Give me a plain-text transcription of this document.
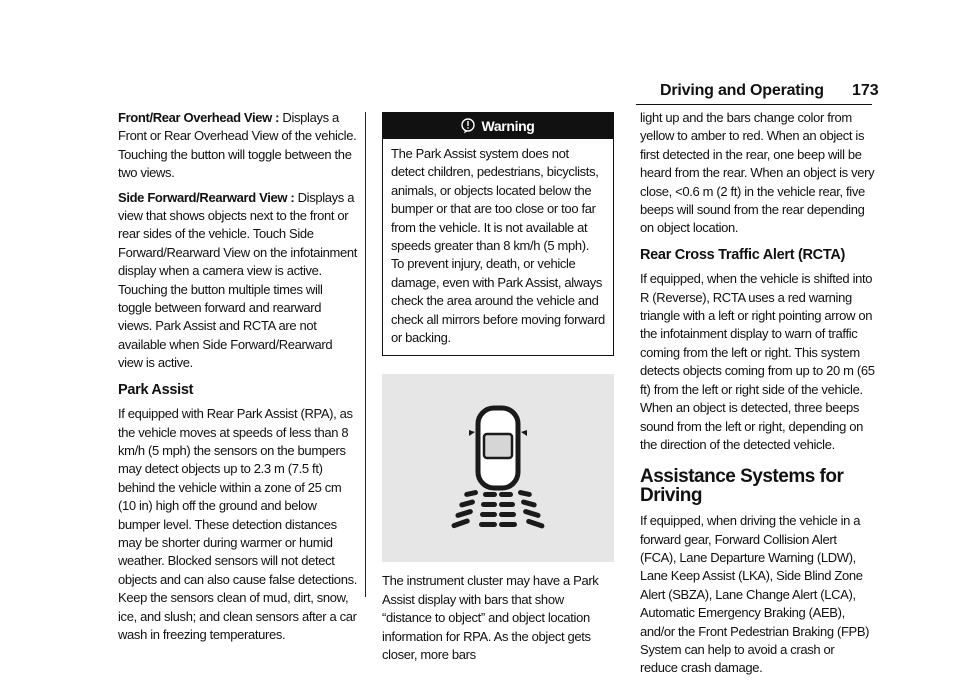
Driving and Operating 173

Front/Rear Overhead View : Displays a Front or Rear Overhead View of the vehicle. Touching the button will toggle between the two views.

Side Forward/Rearward View : Displays a view that shows objects next to the front or rear sides of the vehicle. Touch Side Forward/Rearward View on the infotainment display when a camera view is active. Touching the button multiple times will toggle between forward and rearward views. Park Assist and RCTA are not available when Side Forward/Rearward view is active.

Park Assist

If equipped with Rear Park Assist (RPA), as the vehicle moves at speeds of less than 8 km/h (5 mph) the sensors on the bumpers may detect objects up to 2.3 m (7.5 ft) behind the vehicle within a zone of 25 cm (10 in) high off the ground and below bumper level. These detection distances may be shorter during warmer or humid weather. Blocked sensors will not detect objects and can also cause false detections. Keep the sensors clean of mud, dirt, snow, ice, and slush; and clean sensors after a car wash in freezing temperatures.

Warning
The Park Assist system does not detect children, pedestrians, bicyclists, animals, or objects located below the bumper or that are too close or too far from the vehicle. It is not available at speeds greater than 8 km/h (5 mph). To prevent injury, death, or vehicle damage, even with Park Assist, always check the area around the vehicle and check all mirrors before moving forward or backing.

The instrument cluster may have a Park Assist display with bars that show “distance to object” and object location information for RPA. As the object gets closer, more bars

light up and the bars change color from yellow to amber to red. When an object is first detected in the rear, one beep will be heard from the rear. When an object is very close, <0.6 m (2 ft) in the vehicle rear, five beeps will sound from the rear depending on object location.

Rear Cross Traffic Alert (RCTA)

If equipped, when the vehicle is shifted into R (Reverse), RCTA uses a red warning triangle with a left or right pointing arrow on the infotainment display to warn of traffic coming from the left or right. This system detects objects coming from up to 20 m (65 ft) from the left or right side of the vehicle. When an object is detected, three beeps sound from the left or right, depending on the direction of the detected vehicle.

Assistance Systems for Driving

If equipped, when driving the vehicle in a forward gear, Forward Collision Alert (FCA), Lane Departure Warning (LDW), Lane Keep Assist (LKA), Side Blind Zone Alert (SBZA), Lane Change Alert (LCA), Automatic Emergency Braking (AEB), and/or the Front Pedestrian Braking (FPB) System can help to avoid a crash or reduce crash damage.
